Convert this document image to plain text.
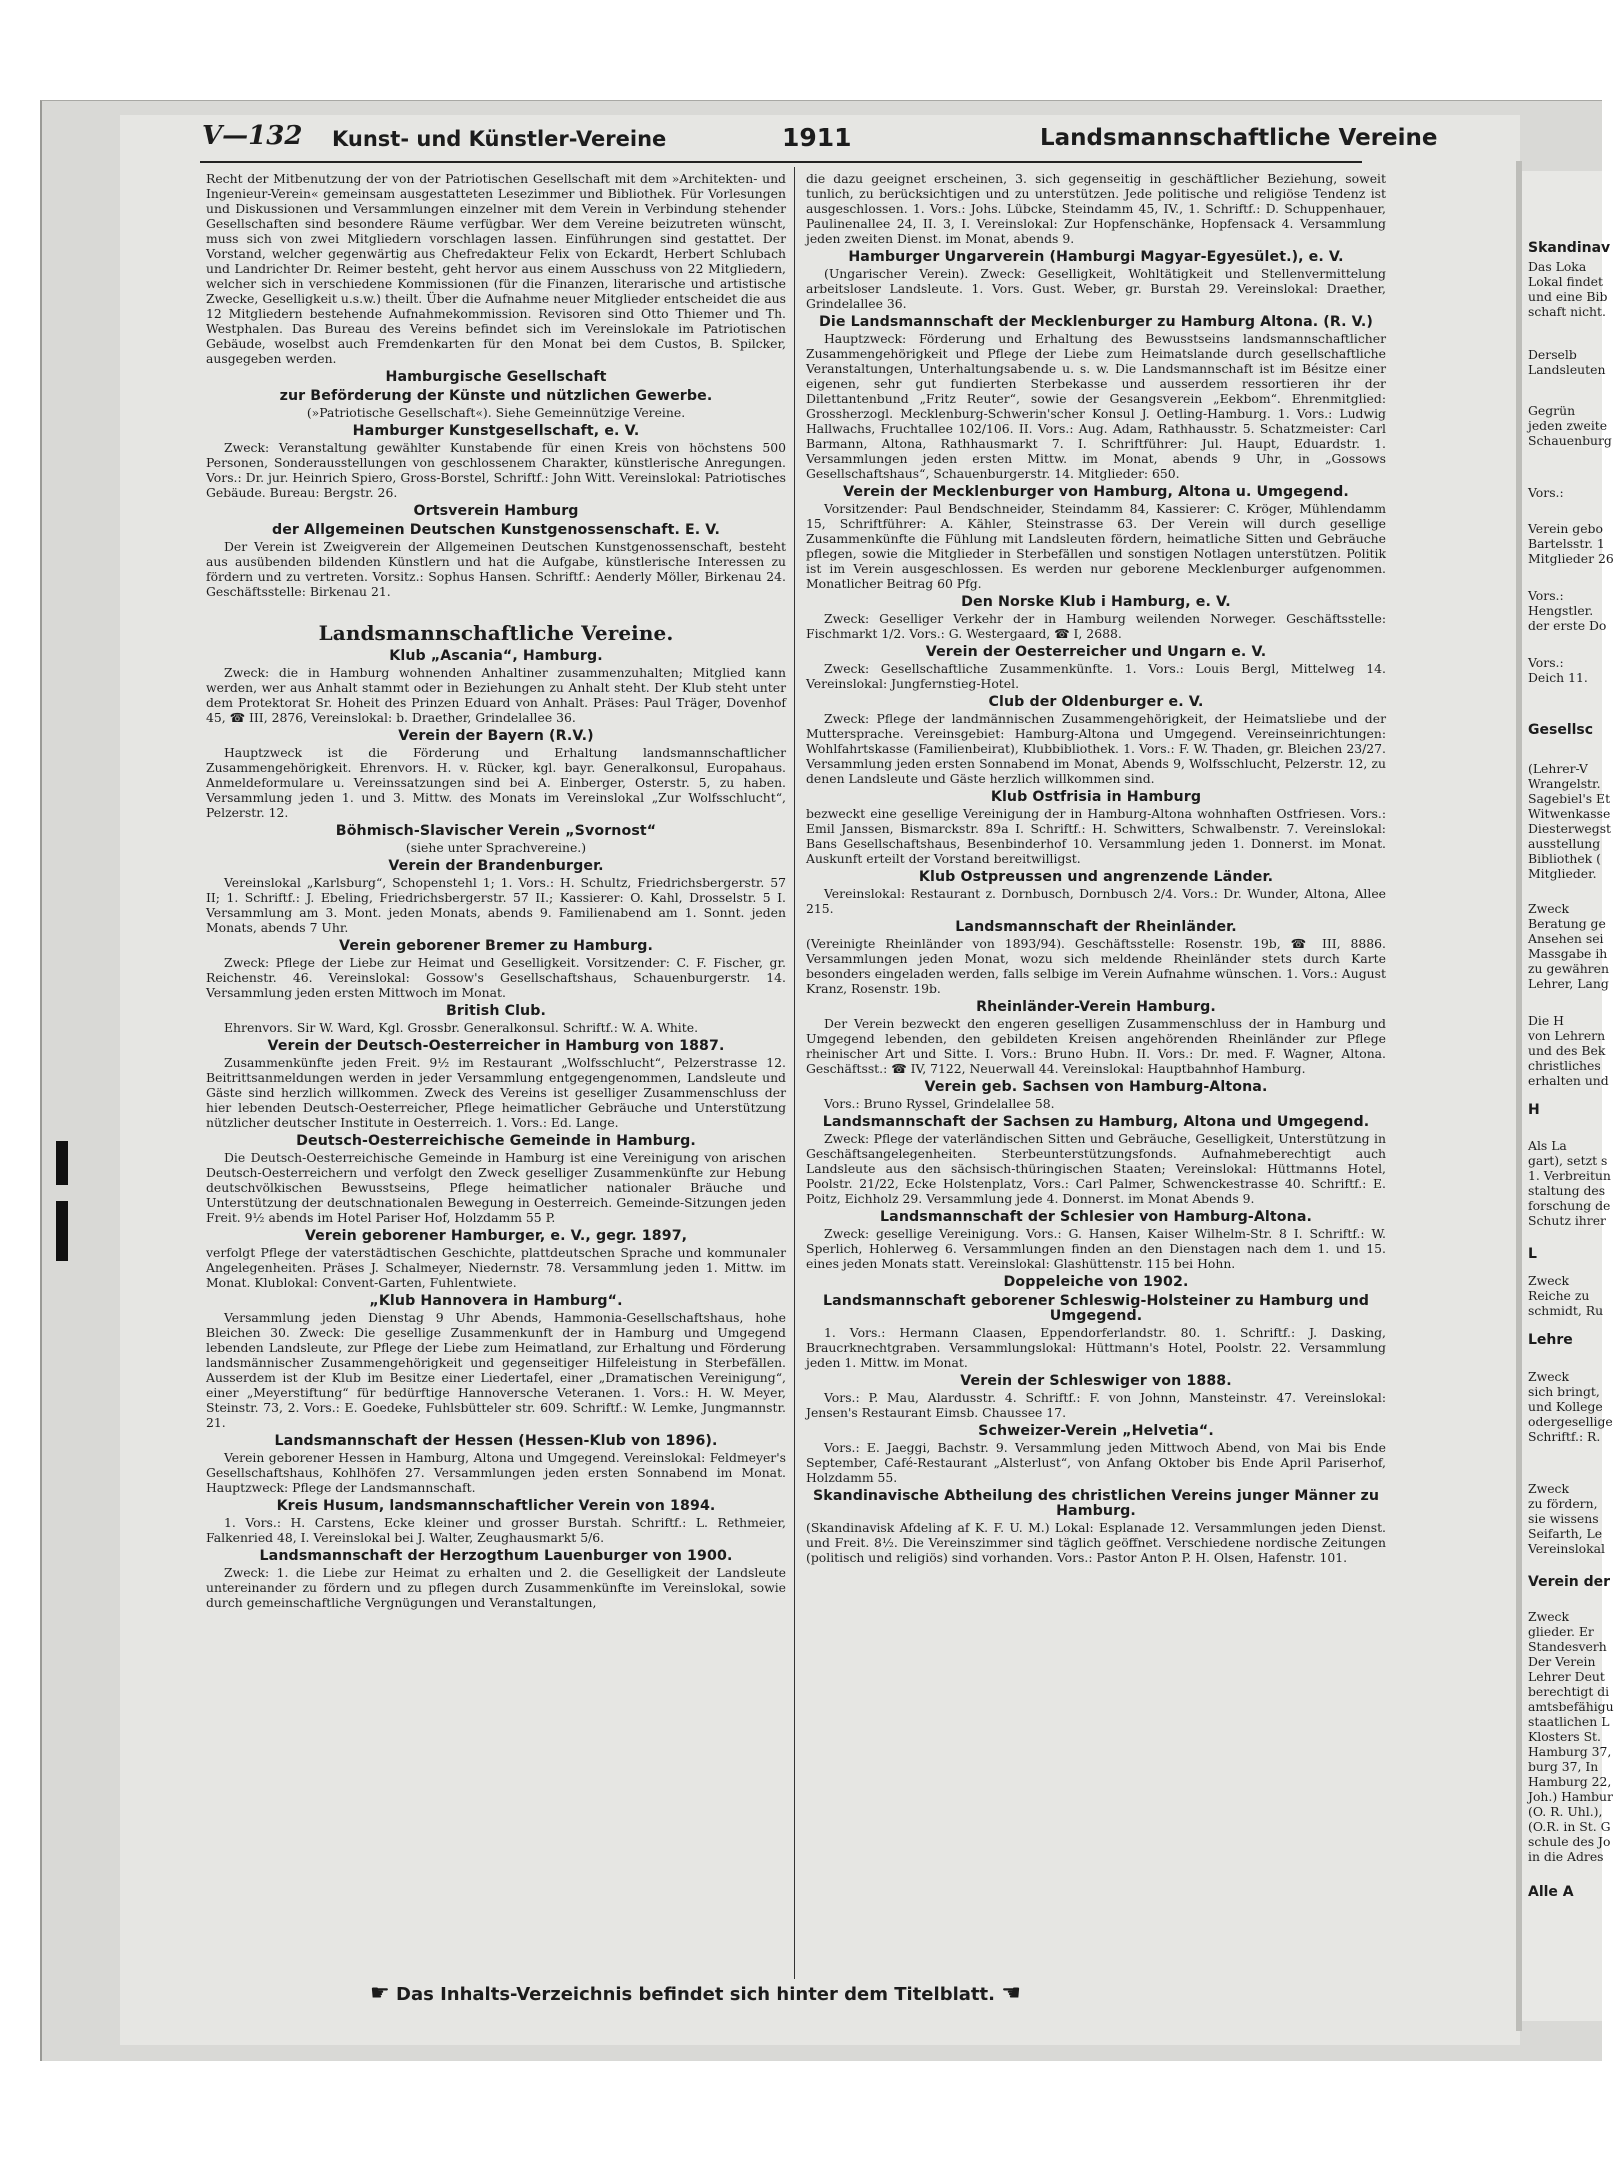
V—132 Kunst- und Künstler-Vereine	1911	Landsmannschaftliche Vereine

Recht der Mitbenutzung der von der Patriotischen Gesellschaft mit dem »Architekten- und Ingenieur-Verein« gemeinsam ausgestatteten Lesezimmer und Bibliothek. Für Vorlesungen und Diskussionen und Versammlungen einzelner mit dem Verein in Verbindung stehender Gesellschaften sind besondere Räume verfügbar. Wer dem Vereine beizutreten wünscht, muss sich von zwei Mitgliedern vorschlagen lassen. Einführungen sind gestattet. Der Vorstand, welcher gegenwärtig aus Chefredakteur Felix von Eckardt, Herbert Schlubach und Landrichter Dr. Reimer besteht, geht hervor aus einem Ausschuss von 22 Mitgliedern, welcher sich in verschiedene Kommissionen (für die Finanzen, literarische und artistische Zwecke, Geselligkeit u.s.w.) theilt. Über die Aufnahme neuer Mitglieder entscheidet die aus 12 Mitgliedern bestehende Aufnahmekommission. Revisoren sind Otto Thiemer und Th. Westphalen. Das Bureau des Vereins befindet sich im Vereinslokale im Patriotischen Gebäude, woselbst auch Fremdenkarten für den Monat bei dem Custos, B. Spilcker, ausgegeben werden.

Hamburgische Gesellschaft
zur Beförderung der Künste und nützlichen Gewerbe.
(»Patriotische Gesellschaft«). Siehe Gemeinnützige Vereine.
Hamburger Kunstgesellschaft, e. V.

Zweck: Veranstaltung gewählter Kunstabende für einen Kreis von höchstens 500 Personen, Sonderausstellungen von geschlossenem Charakter, künstlerische Anregungen. Vors.: Dr. jur. Heinrich Spiero, Gross-Borstel, Schriftf.: John Witt. Vereinslokal: Patriotisches Gebäude. Bureau: Bergstr. 26.

Ortsverein Hamburg
der Allgemeinen Deutschen Kunstgenossenschaft. E. V.

Der Verein ist Zweigverein der Allgemeinen Deutschen Kunstgenossenschaft, besteht aus ausübenden bildenden Künstlern und hat die Aufgabe, künstlerische Interessen zu fördern und zu vertreten. Vorsitz.: Sophus Hansen. Schriftf.: Aenderly Möller, Birkenau 24. Geschäftsstelle: Birkenau 21.

Landsmannschaftliche Vereine.
Klub „Ascania“, Hamburg.

Zweck: die in Hamburg wohnenden Anhaltiner zusammenzuhalten; Mitglied kann werden, wer aus Anhalt stammt oder in Beziehungen zu Anhalt steht. Der Klub steht unter dem Protektorat Sr. Hoheit des Prinzen Eduard von Anhalt. Präses: Paul Träger, Dovenhof 45, ☎ III, 2876, Vereinslokal: b. Draether, Grindelallee 36.

Verein der Bayern (R.V.)

Hauptzweck ist die Förderung und Erhaltung landsmannschaftlicher Zusammengehörigkeit. Ehrenvors. H. v. Rücker, kgl. bayr. Generalkonsul, Europahaus. Anmeldeformulare u. Vereinssatzungen sind bei A. Einberger, Osterstr. 5, zu haben. Versammlung jeden 1. und 3. Mittw. des Monats im Vereinslokal „Zur Wolfsschlucht“, Pelzerstr. 12.

Böhmisch-Slavischer Verein „Svornost“
(siehe unter Sprachvereine.)
Verein der Brandenburger.

Vereinslokal „Karlsburg“, Schopenstehl 1; 1. Vors.: H. Schultz, Friedrichsbergerstr. 57 II; 1. Schriftf.: J. Ebeling, Friedrichsbergerstr. 57 II.; Kassierer: O. Kahl, Drosselstr. 5 I. Versammlung am 3. Mont. jeden Monats, abends 9. Familienabend am 1. Sonnt. jeden Monats, abends 7 Uhr.

Verein geborener Bremer zu Hamburg.

Zweck: Pflege der Liebe zur Heimat und Geselligkeit. Vorsitzender: C. F. Fischer, gr. Reichenstr. 46. Vereinslokal: Gossow's Gesellschaftshaus, Schauenburgerstr. 14. Versammlung jeden ersten Mittwoch im Monat.

British Club.

Ehrenvors. Sir W. Ward, Kgl. Grossbr. Generalkonsul. Schriftf.: W. A. White.

Verein der Deutsch-Oesterreicher in Hamburg von 1887.

Zusammenkünfte jeden Freit. 9½ im Restaurant „Wolfsschlucht“, Pelzerstrasse 12. Beitrittsanmeldungen werden in jeder Versammlung entgegengenommen, Landsleute und Gäste sind herzlich willkommen. Zweck des Vereins ist geselliger Zusammenschluss der hier lebenden Deutsch-Oesterreicher, Pflege heimatlicher Gebräuche und Unterstützung nützlicher deutscher Institute in Oesterreich. 1. Vors.: Ed. Lange.

Deutsch-Oesterreichische Gemeinde in Hamburg.

Die Deutsch-Oesterreichische Gemeinde in Hamburg ist eine Vereinigung von arischen Deutsch-Oesterreichern und verfolgt den Zweck geselliger Zusammenkünfte zur Hebung deutschvölkischen Bewusstseins, Pflege heimatlicher nationaler Bräuche und Unterstützung der deutschnationalen Bewegung in Oesterreich. Gemeinde-Sitzungen jeden Freit. 9½ abends im Hotel Pariser Hof, Holzdamm 55 P.

Verein geborener Hamburger, e. V., gegr. 1897,

verfolgt Pflege der vaterstädtischen Geschichte, plattdeutschen Sprache und kommunaler Angelegenheiten. Präses J. Schalmeyer, Niedernstr. 78. Versammlung jeden 1. Mittw. im Monat. Klublokal: Convent-Garten, Fuhlentwiete.

„Klub Hannovera in Hamburg“.

Versammlung jeden Dienstag 9 Uhr Abends, Hammonia-Gesellschaftshaus, hohe Bleichen 30. Zweck: Die gesellige Zusammenkunft der in Hamburg und Umgegend lebenden Landsleute, zur Pflege der Liebe zum Heimatland, zur Erhaltung und Förderung landsmännischer Zusammengehörigkeit und gegenseitiger Hilfeleistung in Sterbefällen. Ausserdem ist der Klub im Besitze einer Liedertafel, einer „Dramatischen Vereinigung“, einer „Meyerstiftung“ für bedürftige Hannoversche Veteranen. 1. Vors.: H. W. Meyer, Steinstr. 73, 2. Vors.: E. Goedeke, Fuhlsbütteler str. 609. Schriftf.: W. Lemke, Jungmannstr. 21.

Landsmannschaft der Hessen (Hessen-Klub von 1896).

Verein geborener Hessen in Hamburg, Altona und Umgegend. Vereinslokal: Feldmeyer's Gesellschaftshaus, Kohlhöfen 27. Versammlungen jeden ersten Sonnabend im Monat. Hauptzweck: Pflege der Landsmannschaft.

Kreis Husum, landsmannschaftlicher Verein von 1894.

1. Vors.: H. Carstens, Ecke kleiner und grosser Burstah. Schriftf.: L. Rethmeier, Falkenried 48, I. Vereinslokal bei J. Walter, Zeughausmarkt 5/6.

Landsmannschaft der Herzogthum Lauenburger von 1900.

Zweck: 1. die Liebe zur Heimat zu erhalten und 2. die Geselligkeit der Landsleute untereinander zu fördern und zu pflegen durch Zusammenkünfte im Vereinslokal, sowie durch gemeinschaftliche Vergnügungen und Veranstaltungen,

die dazu geeignet erscheinen, 3. sich gegenseitig in geschäftlicher Beziehung, soweit tunlich, zu berücksichtigen und zu unterstützen. Jede politische und religiöse Tendenz ist ausgeschlossen. 1. Vors.: Johs. Lübcke, Steindamm 45, IV., 1. Schriftf.: D. Schuppenhauer, Paulinenallee 24, II. 3, I. Vereinslokal: Zur Hopfenschänke, Hopfensack 4. Versammlung jeden zweiten Dienst. im Monat, abends 9.

Hamburger Ungarverein (Hamburgi Magyar-Egyesület.), e. V.

(Ungarischer Verein). Zweck: Geselligkeit, Wohltätigkeit und Stellenvermittelung arbeitsloser Landsleute. 1. Vors. Gust. Weber, gr. Burstah 29. Vereinslokal: Draether, Grindelallee 36.

Die Landsmannschaft der Mecklenburger zu Hamburg Altona. (R. V.)

Hauptzweck: Förderung und Erhaltung des Bewusstseins landsmannschaftlicher Zusammengehörigkeit und Pflege der Liebe zum Heimatslande durch gesellschaftliche Veranstaltungen, Unterhaltungsabende u. s. w. Die Landsmannschaft ist im Bésitze einer eigenen, sehr gut fundierten Sterbekasse und ausserdem ressortieren ihr der Dilettantenbund „Fritz Reuter“, sowie der Gesangsverein „Eekbom“. Ehrenmitglied: Grossherzogl. Mecklenburg-Schwerin'scher Konsul J. Oetling-Hamburg. 1. Vors.: Ludwig Hallwachs, Fruchtallee 102/106. II. Vors.: Aug. Adam, Rathhausstr. 5. Schatzmeister: Carl Barmann, Altona, Rathhausmarkt 7. I. Schriftführer: Jul. Haupt, Eduardstr. 1. Versammlungen jeden ersten Mittw. im Monat, abends 9 Uhr, in „Gossows Gesellschaftshaus“, Schauenburgerstr. 14. Mitglieder: 650.

Verein der Mecklenburger von Hamburg, Altona u. Umgegend.

Vorsitzender: Paul Bendschneider, Steindamm 84, Kassierer: C. Kröger, Mühlendamm 15, Schriftführer: A. Kähler, Steinstrasse 63. Der Verein will durch gesellige Zusammenkünfte die Fühlung mit Landsleuten fördern, heimatliche Sitten und Gebräuche pflegen, sowie die Mitglieder in Sterbefällen und sonstigen Notlagen unterstützen. Politik ist im Verein ausgeschlossen. Es werden nur geborene Mecklenburger aufgenommen. Monatlicher Beitrag 60 Pfg.

Den Norske Klub i Hamburg, e. V.

Zweck: Geselliger Verkehr der in Hamburg weilenden Norweger. Geschäftsstelle: Fischmarkt 1/2. Vors.: G. Westergaard, ☎ I, 2688.

Verein der Oesterreicher und Ungarn e. V.

Zweck: Gesellschaftliche Zusammenkünfte. 1. Vors.: Louis Bergl, Mittelweg 14. Vereinslokal: Jungfernstieg-Hotel.

Club der Oldenburger e. V.

Zweck: Pflege der landmännischen Zusammengehörigkeit, der Heimatsliebe und der Muttersprache. Vereinsgebiet: Hamburg-Altona und Umgegend. Vereinseinrichtungen: Wohlfahrtskasse (Familienbeirat), Klubbibliothek. 1. Vors.: F. W. Thaden, gr. Bleichen 23/27. Versammlung jeden ersten Sonnabend im Monat, Abends 9, Wolfsschlucht, Pelzerstr. 12, zu denen Landsleute und Gäste herzlich willkommen sind.

Klub Ostfrisia in Hamburg

bezweckt eine gesellige Vereinigung der in Hamburg-Altona wohnhaften Ostfriesen. Vors.: Emil Janssen, Bismarckstr. 89a I. Schriftf.: H. Schwitters, Schwalbenstr. 7. Vereinslokal: Bans Gesellschaftshaus, Besenbinderhof 10. Versammlung jeden 1. Donnerst. im Monat. Auskunft erteilt der Vorstand bereitwilligst.

Klub Ostpreussen und angrenzende Länder.

Vereinslokal: Restaurant z. Dornbusch, Dornbusch 2/4. Vors.: Dr. Wunder, Altona, Allee 215.

Landsmannschaft der Rheinländer.

(Vereinigte Rheinländer von 1893/94). Geschäftsstelle: Rosenstr. 19b, ☎ III, 8886. Versammlungen jeden Monat, wozu sich meldende Rheinländer stets durch Karte besonders eingeladen werden, falls selbige im Verein Aufnahme wünschen. 1. Vors.: August Kranz, Rosenstr. 19b.

Rheinländer-Verein Hamburg.

Der Verein bezweckt den engeren geselligen Zusammenschluss der in Hamburg und Umgegend lebenden, den gebildeten Kreisen angehörenden Rheinländer zur Pflege rheinischer Art und Sitte. I. Vors.: Bruno Hubn. II. Vors.: Dr. med. F. Wagner, Altona. Geschäftsst.: ☎ IV, 7122, Neuerwall 44. Vereinslokal: Hauptbahnhof Hamburg.

Verein geb. Sachsen von Hamburg-Altona.

Vors.: Bruno Ryssel, Grindelallee 58.

Landsmannschaft der Sachsen zu Hamburg, Altona und Umgegend.

Zweck: Pflege der vaterländischen Sitten und Gebräuche, Geselligkeit, Unterstützung in Geschäftsangelegenheiten. Sterbeunterstützungsfonds. Aufnahmeberechtigt auch Landsleute aus den sächsisch-thüringischen Staaten; Vereinslokal: Hüttmanns Hotel, Poolstr. 21/22, Ecke Holstenplatz, Vors.: Carl Palmer, Schwenckestrasse 40. Schriftf.: E. Poitz, Eichholz 29. Versammlung jede 4. Donnerst. im Monat Abends 9.

Landsmannschaft der Schlesier von Hamburg-Altona.

Zweck: gesellige Vereinigung. Vors.: G. Hansen, Kaiser Wilhelm-Str. 8 I. Schriftf.: W. Sperlich, Hohlerweg 6. Versammlungen finden an den Dienstagen nach dem 1. und 15. eines jeden Monats statt. Vereinslokal: Glashüttenstr. 115 bei Hohn.

Doppeleiche von 1902.
Landsmannschaft geborener Schleswig-Holsteiner zu Hamburg und Umgegend.

1. Vors.: Hermann Claasen, Eppendorferlandstr. 80. 1. Schriftf.: J. Dasking, Braucrknechtgraben. Versammlungslokal: Hüttmann's Hotel, Poolstr. 22. Versammlung jeden 1. Mittw. im Monat.

Verein der Schleswiger von 1888.

Vors.: P. Mau, Alardusstr. 4. Schriftf.: F. von Johnn, Mansteinstr. 47. Vereinslokal: Jensen's Restaurant Eimsb. Chaussee 17.

Schweizer-Verein „Helvetia“.

Vors.: E. Jaeggi, Bachstr. 9. Versammlung jeden Mittwoch Abend, von Mai bis Ende September, Café-Restaurant „Alsterlust“, von Anfang Oktober bis Ende April Pariserhof, Holzdamm 55.

Skandinavische Abtheilung des christlichen Vereins junger Männer zu Hamburg.

(Skandinavisk Afdeling af K. F. U. M.) Lokal: Esplanade 12. Versammlungen jeden Dienst. und Freit. 8½. Die Vereinszimmer sind täglich geöffnet. Verschiedene nordische Zeitungen (politisch und religiös) sind vorhanden. Vors.: Pastor Anton P. H. Olsen, Hafenstr. 101.

☛ Das Inhalts-Verzeichnis befindet sich hinter dem Titelblatt. ☚
Skandinav
Das Loka
Lokal findet
und eine Bib
schaft nicht.
Derselb
Landsleuten
Gegrün
jeden zweite
Schauenburg
Vors.:
Verein gebo
Bartelsstr. 1
Mitglieder 26
Vors.:
Hengstler.
der erste Do
Vors.:
Deich 11.
Gesellsc
(Lehrer-V
Wrangelstr.
Sagebiel's Et
Witwenkasse
Diesterwegst
ausstellung
Bibliothek (
Mitglieder.
Zweck
Beratung ge
Ansehen sei
Massgabe ih
zu gewähren
Lehrer, Lang
Die H
von Lehrern
und des Bek
christliches
erhalten und
H
Als La
gart), setzt s
1. Verbreitun
staltung des
forschung de
Schutz ihrer
L
Zweck
Reiche zu
schmidt, Ru
Lehre
Zweck
sich bringt,
und Kollege
odergesellige
Schriftf.: R.
Zweck
zu fördern,
sie wissens
Seifarth, Le
Vereinslokal
Verein der
Zweck
glieder. Er
Standesverh
Der Verein
Lehrer Deut
berechtigt di
amtsbefähigu
staatlichen L
Klosters St.
Hamburg 37,
burg 37, In
Hamburg 22,
Joh.) Hambur
(O. R. Uhl.),
(O.R. in St. G
schule des Jo
in die Adres
Alle A
